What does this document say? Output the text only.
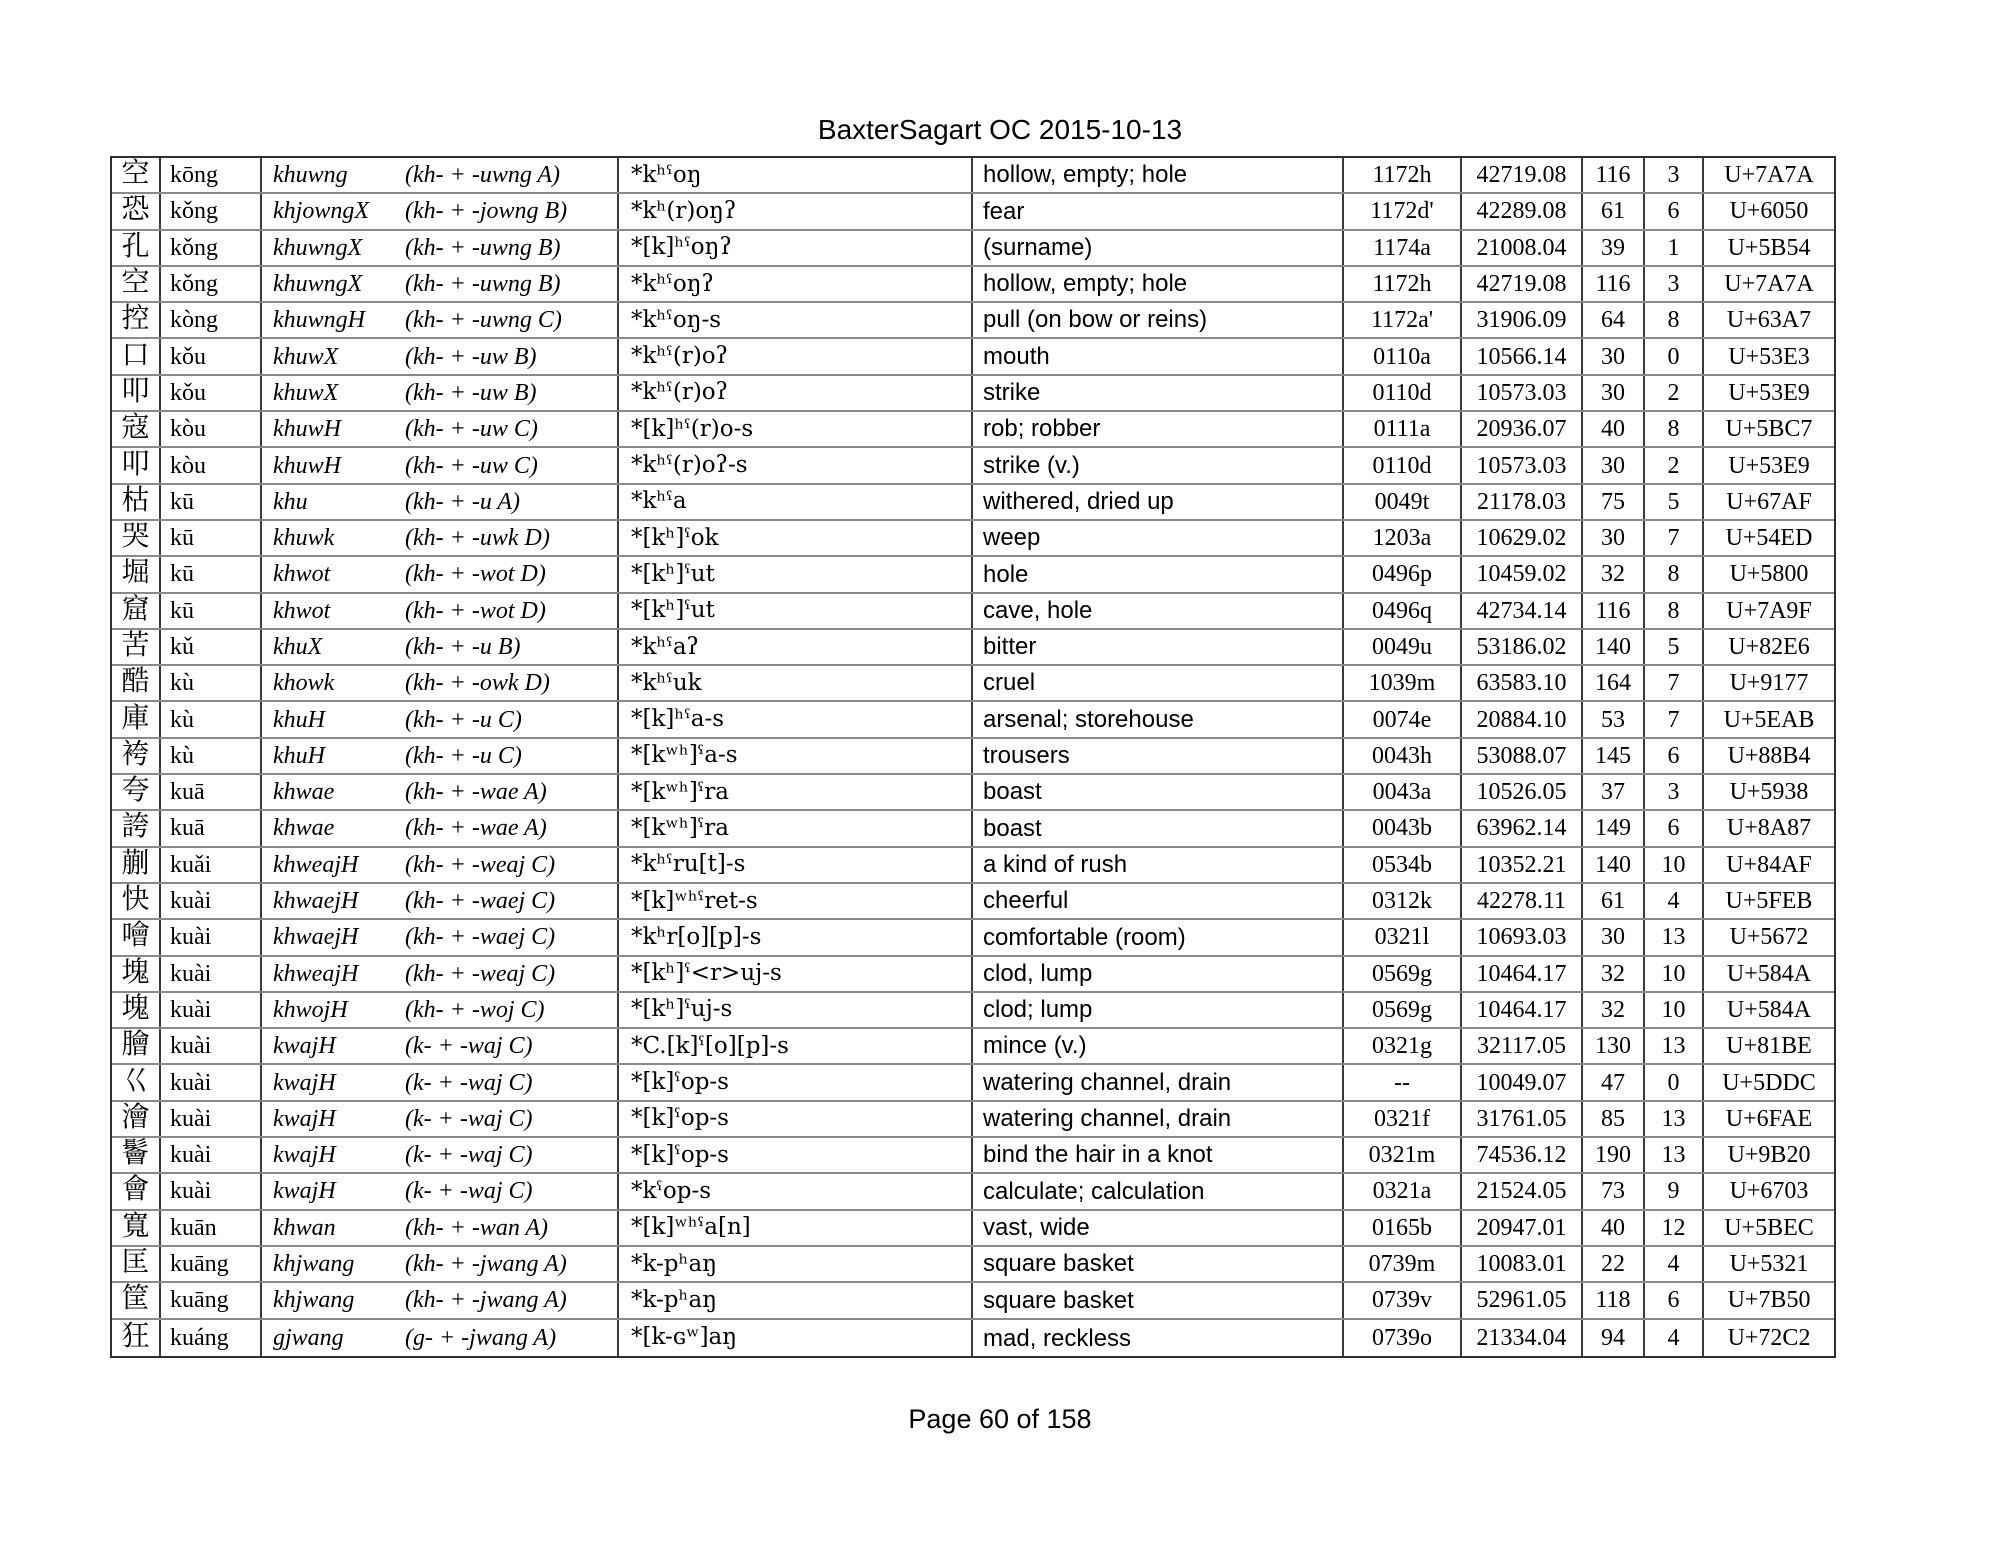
BaxterSagart OC 2015-10-13
空 kōng	khuwng	(kh- + -uwng A)	*kʰˤoŋ	hollow, empty; hole	1172h	42719.08	116	3	U+7A7A
恐 kǒng	khjowngX	(kh- + -jowng B)	*kʰ(r)oŋʔ	fear	1172d'	42289.08	61	6	U+6050
孔 kǒng	khuwngX	(kh- + -uwng B)	*[k]ʰˤoŋʔ	(surname)	1174a	21008.04	39	1	U+5B54
空 kǒng	khuwngX	(kh- + -uwng B)	*kʰˤoŋʔ	hollow, empty; hole	1172h	42719.08	116	3	U+7A7A
控 kòng	khuwngH	(kh- + -uwng C)	*kʰˤoŋ-s	pull (on bow or reins)	1172a'	31906.09	64	8	U+63A7
口 kǒu	khuwX	(kh- + -uw B)	*kʰˤ(r)oʔ	mouth	0110a	10566.14	30	0	U+53E3
叩 kǒu	khuwX	(kh- + -uw B)	*kʰˤ(r)oʔ	strike	0110d	10573.03	30	2	U+53E9
寇 kòu	khuwH	(kh- + -uw C)	*[k]ʰˤ(r)o-s	rob; robber	0111a	20936.07	40	8	U+5BC7
叩 kòu	khuwH	(kh- + -uw C)	*kʰˤ(r)oʔ-s	strike (v.)	0110d	10573.03	30	2	U+53E9
枯 kū	khu	(kh- + -u A)	*kʰˤa	withered, dried up	0049t	21178.03	75	5	U+67AF
哭 kū	khuwk	(kh- + -uwk D)	*[kʰ]ˤok	weep	1203a	10629.02	30	7	U+54ED
堀 kū	khwot	(kh- + -wot D)	*[kʰ]ˤut	hole	0496p	10459.02	32	8	U+5800
窟 kū	khwot	(kh- + -wot D)	*[kʰ]ˤut	cave, hole	0496q	42734.14	116	8	U+7A9F
苦 kǔ	khuX	(kh- + -u B)	*kʰˤaʔ	bitter	0049u	53186.02	140	5	U+82E6
酷 kù	khowk	(kh- + -owk D)	*kʰˤuk	cruel	1039m	63583.10	164	7	U+9177
庫 kù	khuH	(kh- + -u C)	*[k]ʰˤa-s	arsenal; storehouse	0074e	20884.10	53	7	U+5EAB
袴 kù	khuH	(kh- + -u C)	*[kʷʰ]ˤa-s	trousers	0043h	53088.07	145	6	U+88B4
夸 kuā	khwae	(kh- + -wae A)	*[kʷʰ]ˤra	boast	0043a	10526.05	37	3	U+5938
誇 kuā	khwae	(kh- + -wae A)	*[kʷʰ]ˤra	boast	0043b	63962.14	149	6	U+8A87
蒯 kuǎi	khweajH	(kh- + -weaj C)	*kʰˤru[t]-s	a kind of rush	0534b	10352.21	140	10	U+84AF
快 kuài	khwaejH	(kh- + -waej C)	*[k]ʷʰˤret-s	cheerful	0312k	42278.11	61	4	U+5FEB
噲 kuài	khwaejH	(kh- + -waej C)	*kʰr[o][p]-s	comfortable (room)	0321l	10693.03	30	13	U+5672
塊 kuài	khweajH	(kh- + -weaj C)	*[kʰ]ˤ<r>uj-s	clod, lump	0569g	10464.17	32	10	U+584A
塊 kuài	khwojH	(kh- + -woj C)	*[kʰ]ˤuj-s	clod; lump	0569g	10464.17	32	10	U+584A
膾 kuài	kwajH	(k- + -waj C)	*C.[k]ˤ[o][p]-s	mince (v.)	0321g	32117.05	130	13	U+81BE
巜 kuài	kwajH	(k- + -waj C)	*[k]ˤop-s	watering channel, drain	--	10049.07	47	0	U+5DDC
澮 kuài	kwajH	(k- + -waj C)	*[k]ˤop-s	watering channel, drain	0321f	31761.05	85	13	U+6FAE
鬠 kuài	kwajH	(k- + -waj C)	*[k]ˤop-s	bind the hair in a knot	0321m	74536.12	190	13	U+9B20
會 kuài	kwajH	(k- + -waj C)	*kˤop-s	calculate; calculation	0321a	21524.05	73	9	U+6703
寬 kuān	khwan	(kh- + -wan A)	*[k]ʷʰˤa[n]	vast, wide	0165b	20947.01	40	12	U+5BEC
匡 kuāng	khjwang	(kh- + -jwang A)	*k-pʰaŋ	square basket	0739m	10083.01	22	4	U+5321
筐 kuāng	khjwang	(kh- + -jwang A)	*k-pʰaŋ	square basket	0739v	52961.05	118	6	U+7B50
狂 kuáng	gjwang	(g- + -jwang A)	*[k-ɢʷ]aŋ	mad, reckless	0739o	21334.04	94	4	U+72C2
Page 60 of 158
